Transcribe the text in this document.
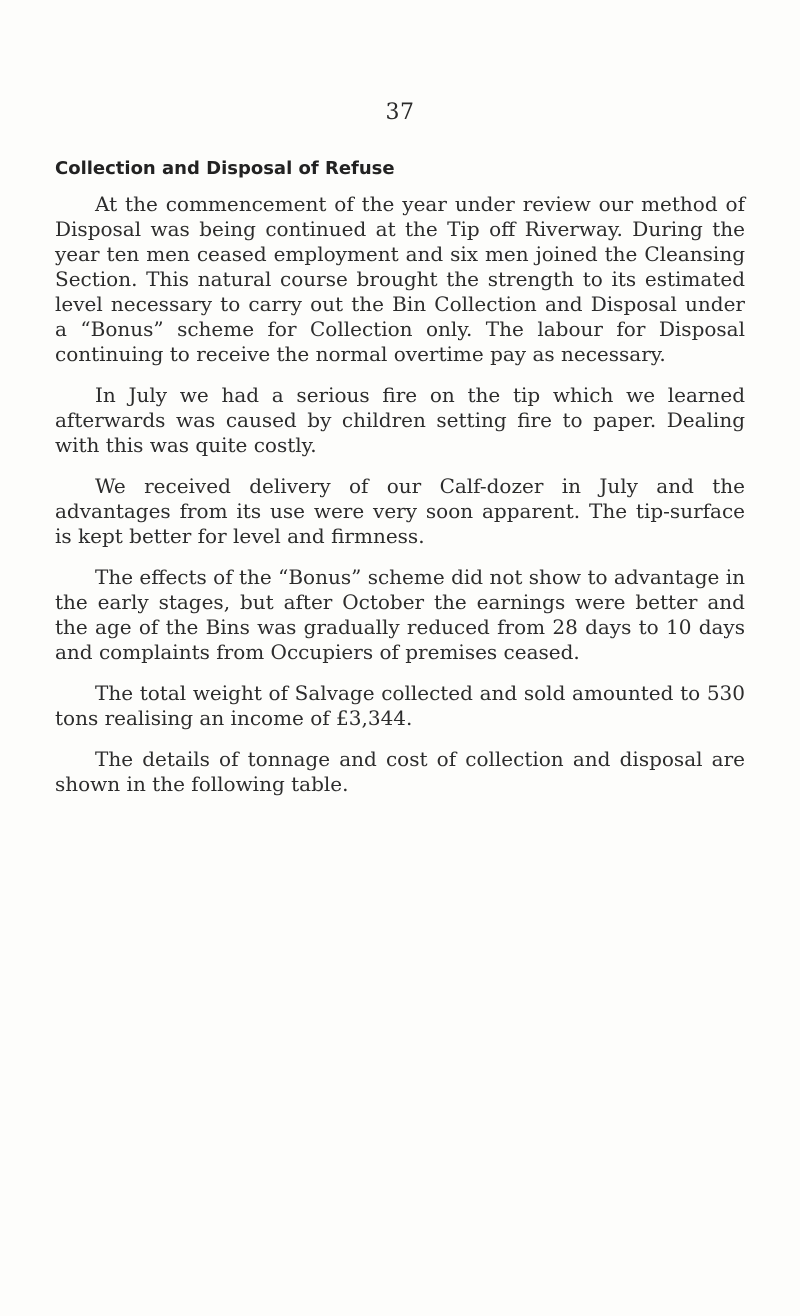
37
Collection and Disposal of Refuse

At the commencement of the year under review our method of Disposal was being continued at the Tip off Riverway. During the year ten men ceased employment and six men joined the Cleansing Section. This natural course brought the strength to its estimated level necessary to carry out the Bin Collection and Disposal under a “Bonus” scheme for Collection only. The labour for Disposal continuing to receive the normal overtime pay as necessary.

In July we had a serious fire on the tip which we learned afterwards was caused by children setting fire to paper. Dealing with this was quite costly.

We received delivery of our Calf-dozer in July and the advantages from its use were very soon apparent. The tip-surface is kept better for level and firmness.

The effects of the “Bonus” scheme did not show to advantage in the early stages, but after October the earnings were better and the age of the Bins was gradually reduced from 28 days to 10 days and complaints from Occupiers of premises ceased.

The total weight of Salvage collected and sold amounted to 530 tons realising an income of £3,344.

The details of tonnage and cost of collection and disposal are shown in the following table.
